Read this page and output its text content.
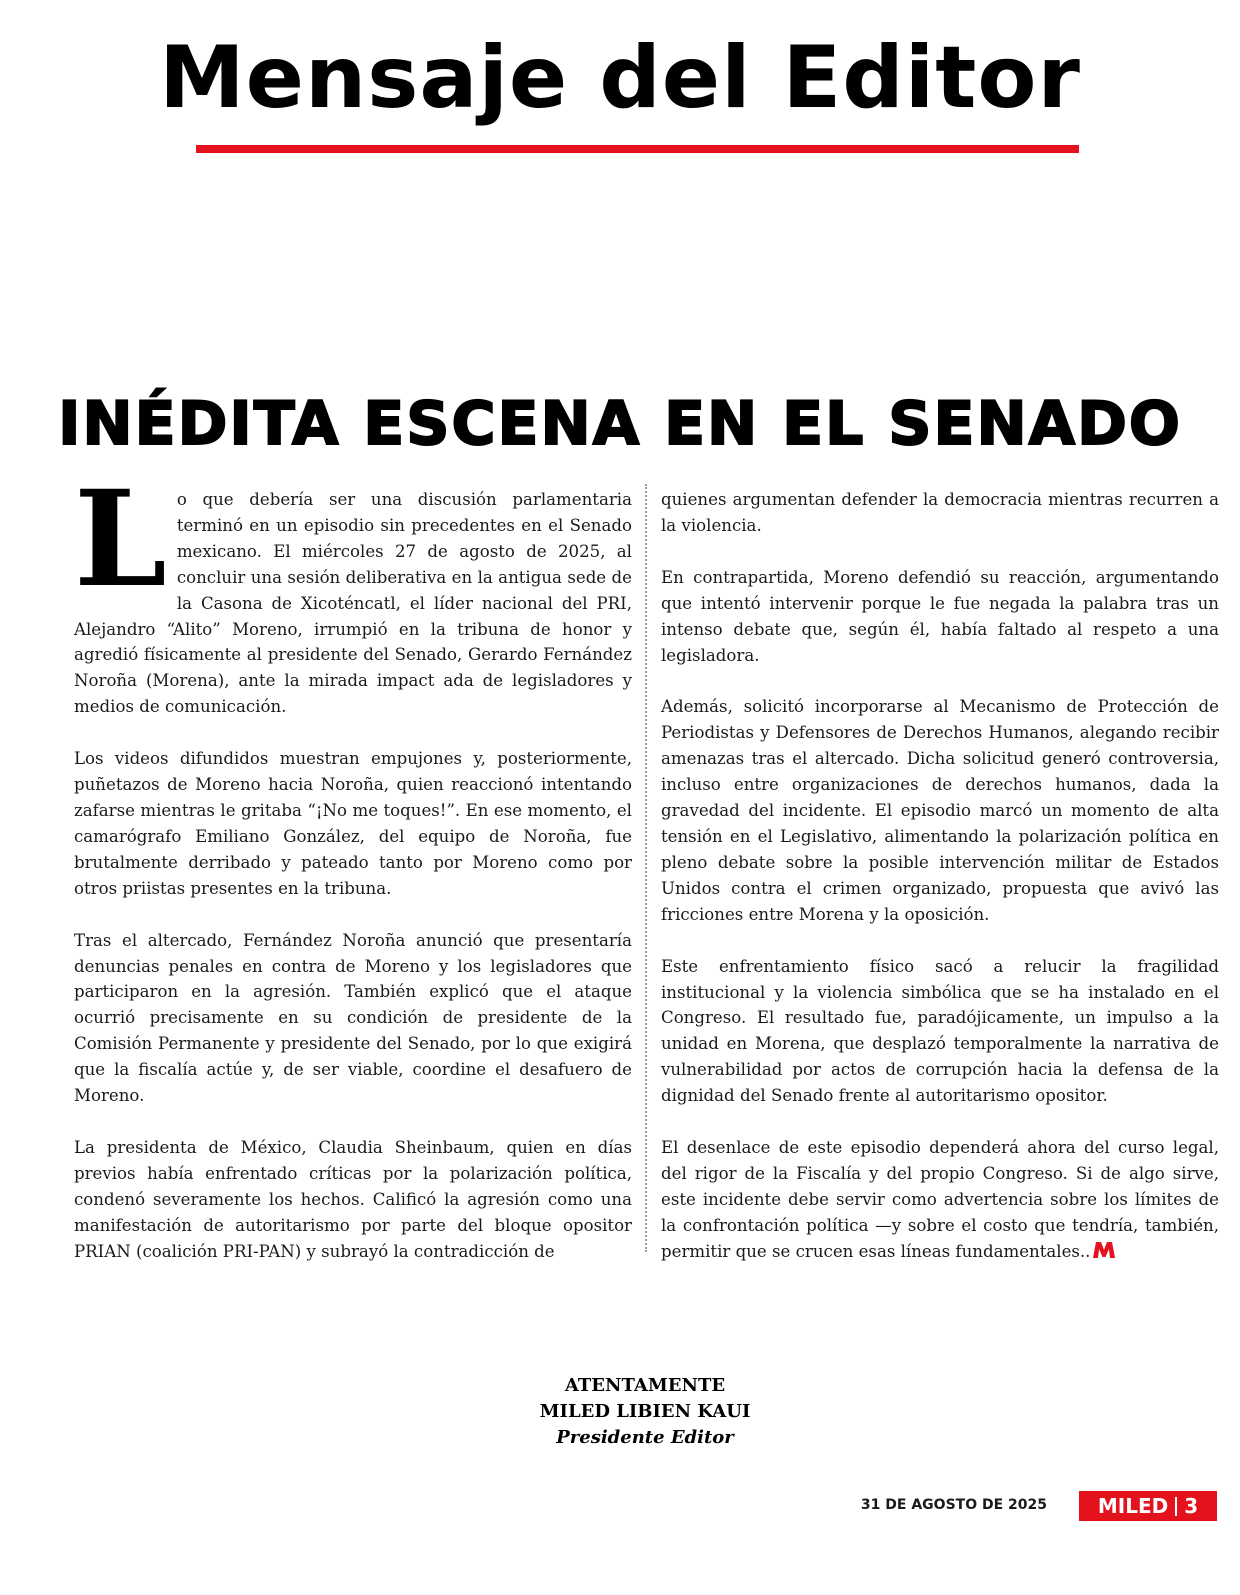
Mensaje del Editor
INÉDITA ESCENA EN EL SENADO

Lo que debería ser una discusión parlamentaria terminó en un episodio sin precedentes en el Senado mexicano. El miércoles 27 de agosto de 2025, al concluir una sesión deliberativa en la antigua sede de la Casona de Xicoténcatl, el líder nacional del PRI, Alejandro “Alito” Moreno, irrumpió en la tribuna de honor y agredió físicamente al presidente del Senado, Gerardo Fernández Noroña (Morena), ante la mirada impact ada de legisladores y medios de comunicación.

Los videos difundidos muestran empujones y, posteriormente, puñetazos de Moreno hacia Noroña, quien reaccionó intentando zafarse mientras le gritaba “¡No me toques!”. En ese momento, el camarógrafo Emiliano González, del equipo de Noroña, fue brutalmente derribado y pateado tanto por Moreno como por otros priistas presentes en la tribuna.

Tras el altercado, Fernández Noroña anunció que presentaría denuncias penales en contra de Moreno y los legisladores que participaron en la agresión. También explicó que el ataque ocurrió precisamente en su condición de presidente de la Comisión Permanente y presidente del Senado, por lo que exigirá que la fiscalía actúe y, de ser viable, coordine el desafuero de Moreno.

La presidenta de México, Claudia Sheinbaum, quien en días previos había enfrentado críticas por la polarización política, condenó severamente los hechos. Calificó la agresión como una manifestación de autoritarismo por parte del bloque opositor PRIAN (coalición PRI-PAN) y subrayó la contradicción de

quienes argumentan defender la democracia mientras recurren a la violencia.

En contrapartida, Moreno defendió su reacción, argumentando que intentó intervenir porque le fue negada la palabra tras un intenso debate que, según él, había faltado al respeto a una legisladora.

Además, solicitó incorporarse al Mecanismo de Protección de Periodistas y Defensores de Derechos Humanos, alegando recibir amenazas tras el altercado. Dicha solicitud generó controversia, incluso entre organizaciones de derechos humanos, dada la gravedad del incidente. El episodio marcó un momento de alta tensión en el Legislativo, alimentando la polarización política en pleno debate sobre la posible intervención militar de Estados Unidos contra el crimen organizado, propuesta que avivó las fricciones entre Morena y la oposición.

Este enfrentamiento físico sacó a relucir la fragilidad institucional y la violencia simbólica que se ha instalado en el Congreso. El resultado fue, paradójicamente, un impulso a la unidad en Morena, que desplazó temporalmente la narrativa de vulnerabilidad por actos de corrupción hacia la defensa de la dignidad del Senado frente al autoritarismo opositor.

El desenlace de este episodio dependerá ahora del curso legal, del rigor de la Fiscalía y del propio Congreso. Si de algo sirve, este incidente debe servir como advertencia sobre los límites de la confrontación política —y sobre el costo que tendría, también, permitir que se crucen esas líneas fundamentales..

ATENTAMENTE
MILED LIBIEN KAUI
Presidente Editor
31 DE AGOSTO DE 2025	MILED 3
